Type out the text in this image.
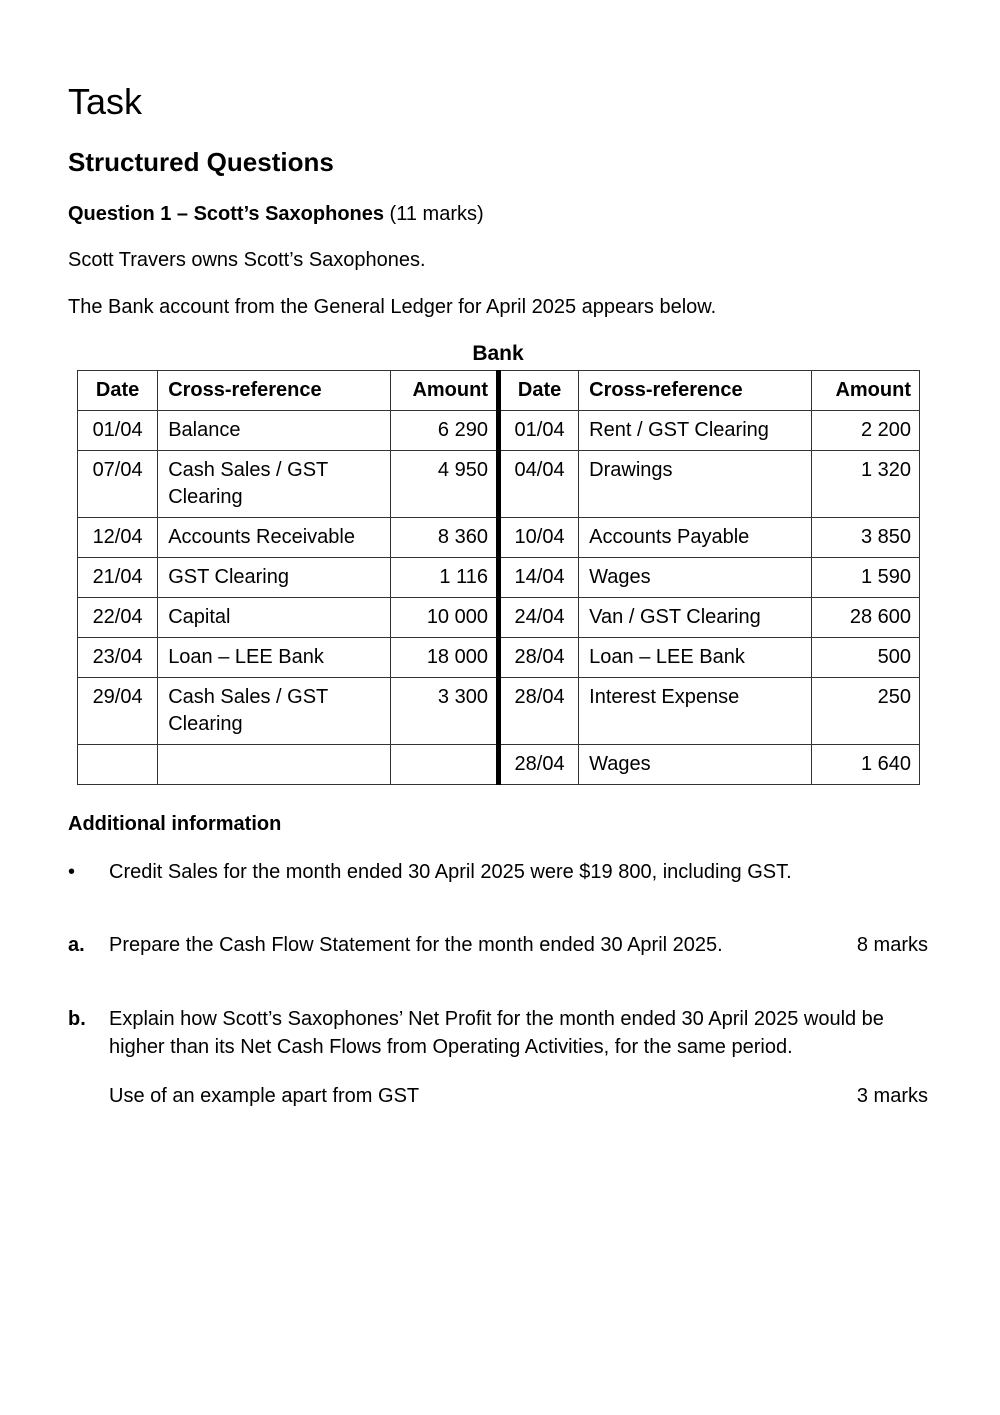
Task
Structured Questions
Question 1 – Scott’s Saxophones (11 marks)
Scott Travers owns Scott’s Saxophones.
The Bank account from the General Ledger for April 2025 appears below.
Bank
Date	Cross-reference	Amount	Date	Cross-reference	Amount
01/04	Balance	6 290	01/04	Rent / GST Clearing	2 200
07/04	Cash Sales / GST Clearing	4 950	04/04	Drawings	1 320
12/04	Accounts Receivable	8 360	10/04	Accounts Payable	3 850
21/04	GST Clearing	1 116	14/04	Wages	1 590
22/04	Capital	10 000	24/04	Van / GST Clearing	28 600
23/04	Loan – LEE Bank	18 000	28/04	Loan – LEE Bank	500
29/04	Cash Sales / GST Clearing	3 300	28/04	Interest Expense	250
			28/04	Wages	1 640
Additional information
• Credit Sales for the month ended 30 April 2025 were $19 800, including GST.
a. Prepare the Cash Flow Statement for the month ended 30 April 2025.	8 marks
b. Explain how Scott’s Saxophones’ Net Profit for the month ended 30 April 2025 would be higher than its Net Cash Flows from Operating Activities, for the same period.
Use of an example apart from GST	3 marks
